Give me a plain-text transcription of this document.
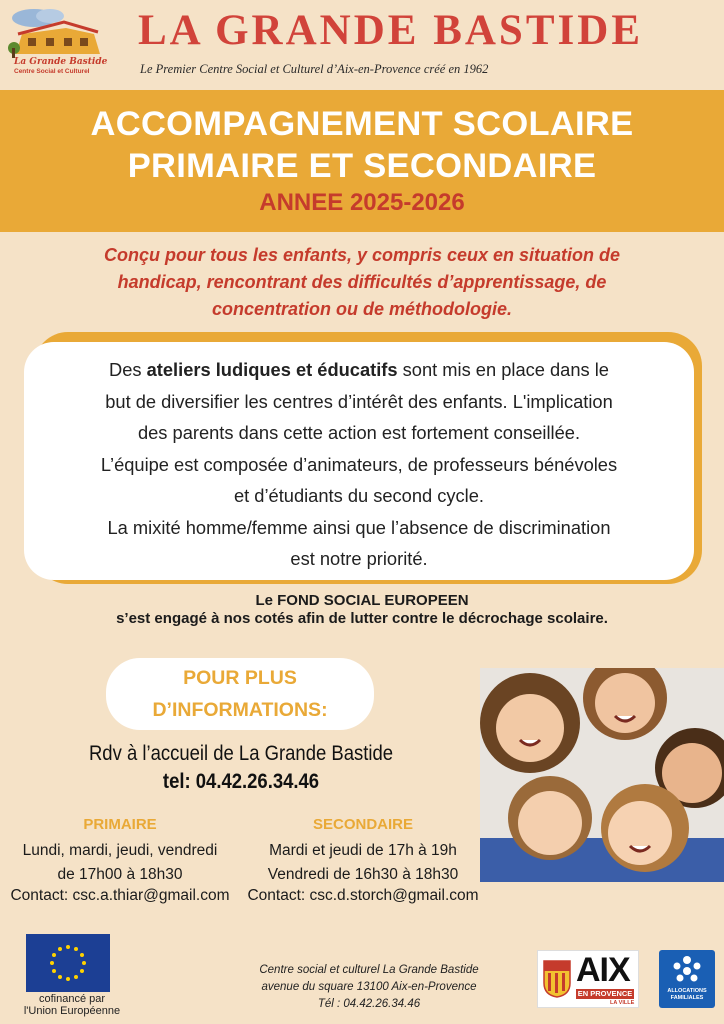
La Grande Bastide
Centre Social et Culturel
LA GRANDE BASTIDE
Le Premier Centre Social et Culturel d’Aix-en-Provence créé en 1962
ACCOMPAGNEMENT SCOLAIRE
PRIMAIRE ET SECONDAIRE
ANNEE 2025-2026
Conçu pour tous les enfants, y compris ceux en situation de
handicap, rencontrant des difficultés d’apprentissage, de
concentration ou de méthodologie.

Des ateliers ludiques et éducatifs sont mis en place dans le

but de diversifier les centres d’intérêt des enfants. L'implication

des parents dans cette action est fortement conseillée.

L’équipe est composée d’animateurs, de professeurs bénévoles

et d’étudiants du second cycle.

La mixité homme/femme ainsi que l’absence de discrimination

est notre priorité.

Le FOND SOCIAL EUROPEEN
s’est engagé à nos cotés afin de lutter contre le décrochage scolaire.
POUR PLUS
D’INFORMATIONS:
Rdv à l’accueil de La Grande Bastide
tel: 04.42.26.34.46
PRIMAIRE
Lundi, mardi, jeudi, vendredi
de 17h00 à 18h30
Contact: csc.a.thiar@gmail.com
SECONDAIRE
Mardi et jeudi de 17h à 19h
Vendredi de 16h30 à 18h30
Contact: csc.d.storch@gmail.com
cofinancé par
l'Union Européenne
Centre social et culturel La Grande Bastide
avenue du square 13100 Aix-en-Provence
Tél : 04.42.26.34.46
AIX
EN PROVENCE
LA VILLE
ALLOCATIONS
FAMILIALES
